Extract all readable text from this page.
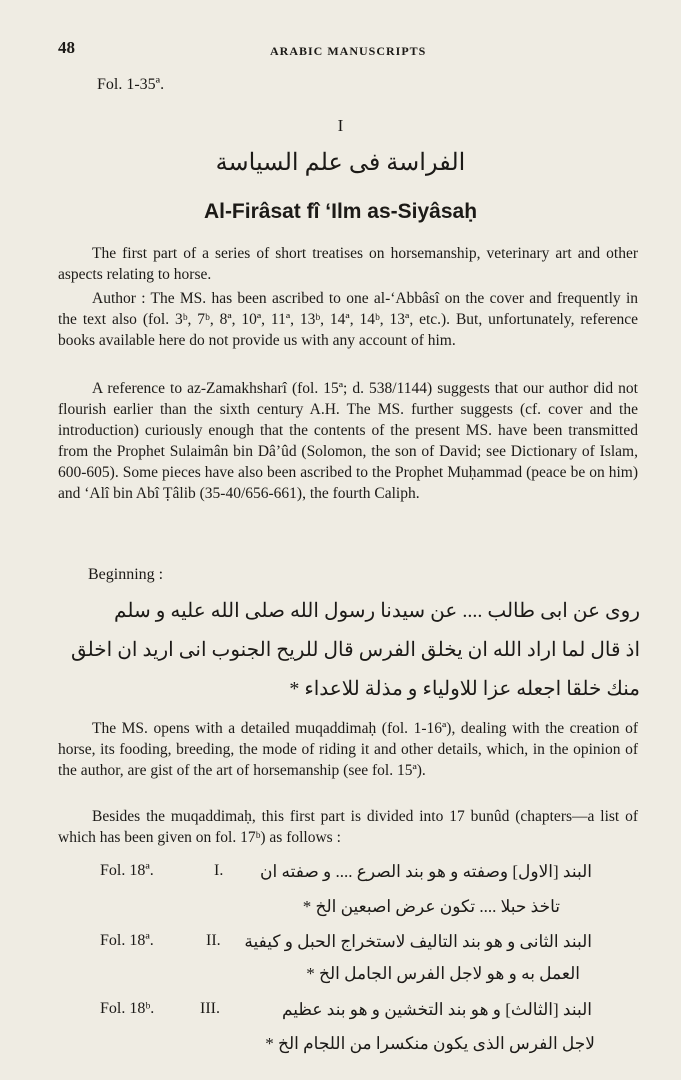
48	ARABIC MANUSCRIPTS
Fol. 1-35ª.
I
الفراسة فى علم السياسة
Al-Firâsat fî ʻIlm as-Siyâsaḥ

The first part of a series of short treatises on horsemanship, veterinary art and other aspects relating to horse.

Author : The MS. has been ascribed to one al-ʻAbbâsî on the cover and frequently in the text also (fol. 3ᵇ, 7ᵇ, 8ª, 10ª, 11ª, 13ᵇ, 14ª, 14ᵇ, 13ª, etc.). But, unfortunately, reference books available here do not provide us with any account of him.

A reference to az-Zamakhsharî (fol. 15ª; d. 538/1144) suggests that our author did not flourish earlier than the sixth century A.H. The MS. further suggests (cf. cover and the introduction) curiously enough that the contents of the present MS. have been transmitted from the Prophet Sulaimân bin Dâʼûd (Solomon, the son of David; see Dictionary of Islam, 600-605). Some pieces have also been ascribed to the Prophet Muḥammad (peace be on him) and ʻAlî bin Abî Ṭâlib (35-40/656-661), the fourth Caliph.

Beginning :
روى عن ابى طالب .... عن سيدنا رسول الله صلى الله عليه و سلم
اذ قال لما اراد الله ان يخلق الفرس قال للريح الجنوب انى اريد ان اخلق
منك خلقا اجعله عزا للاولياء و مذلة للاعداء *

The MS. opens with a detailed muqaddimaḥ (fol. 1-16ª), dealing with the creation of horse, its fooding, breeding, the mode of riding it and other details, which, in the opinion of the author, are gist of the art of horsemanship (see fol. 15ª).

Besides the muqaddimaḥ, this first part is divided into 17 bunûd (chapters—a list of which has been given on fol. 17ᵇ) as follows :

Fol. 18ª.	I.	البند [الاول] وصفته و هو بند الصرع .... و صفته ان
تاخذ حبلا .... تكون عرض اصبعين الخ *
Fol. 18ª.	II. البند الثانى و هو بند التاليف لاستخراج الحبل و كيفية
العمل به و هو لاجل الفرس الجامل الخ *
Fol. 18ᵇ.	III.	البند [الثالث] و هو بند التخشين و هو بند عظيم
لاجل الفرس الذى يكون منكسرا من اللجام الخ *
